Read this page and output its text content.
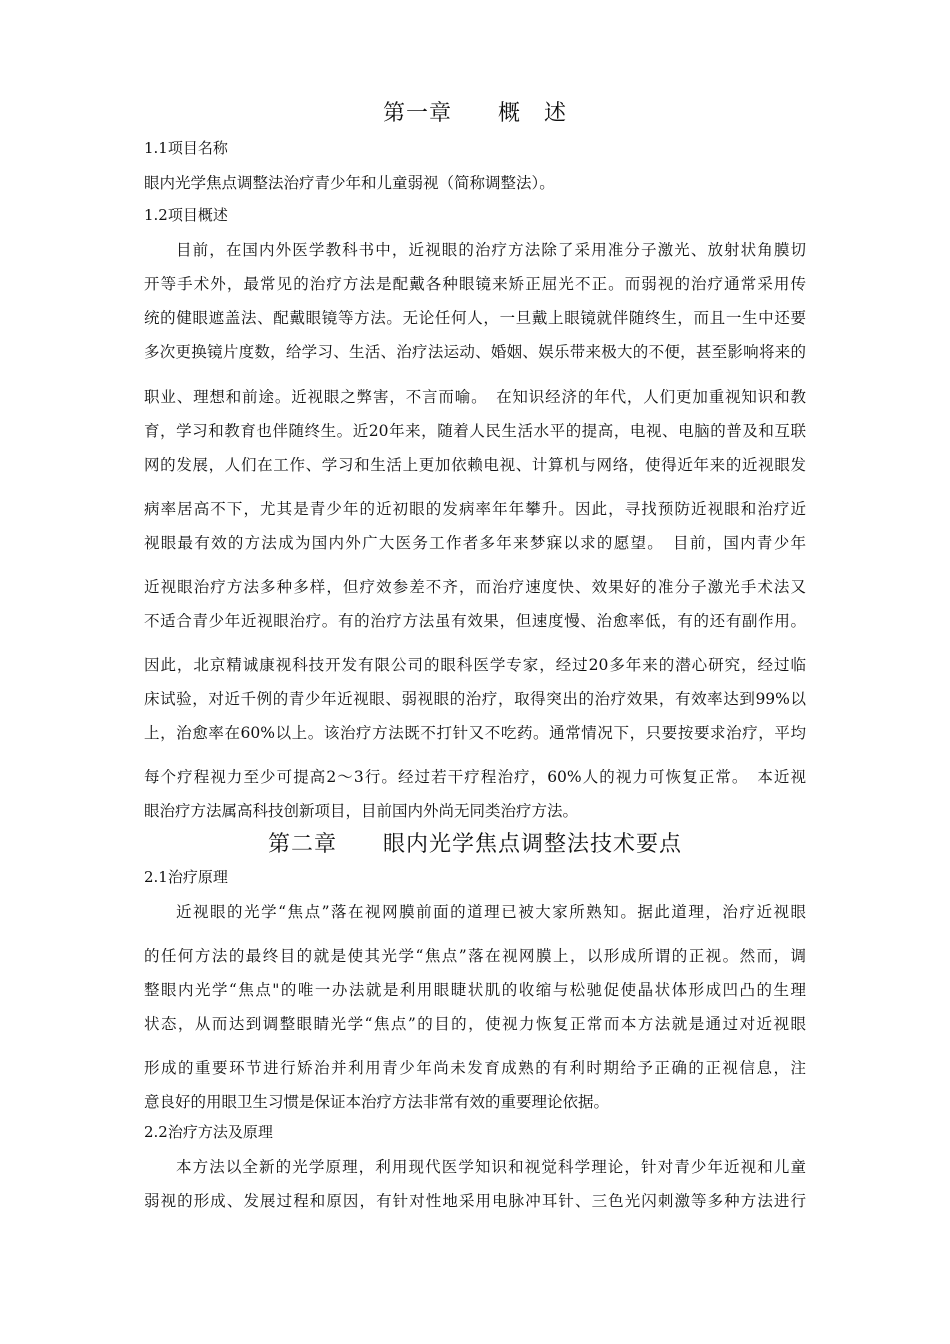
第一章　　概　述
1.1项目名称
眼内光学焦点调整法治疗青少年和儿童弱视（简称调整法）。
1.2项目概述
目前，在国内外医学教科书中，近视眼的治疗方法除了采用准分子激光、放射状角膜切
开等手术外，最常见的治疗方法是配戴各种眼镜来矫正屈光不正。而弱视的治疗通常采用传
统的健眼遮盖法、配戴眼镜等方法。无论任何人，一旦戴上眼镜就伴随终生，而且一生中还要
多次更换镜片度数，给学习、生活、治疗法运动、婚姻、娱乐带来极大的不便，甚至影响将来的
职业、理想和前途。近视眼之弊害，不言而喻。　在知识经济的年代，人们更加重视知识和教
育，学习和教育也伴随终生。近20年来，随着人民生活水平的提高，电视、电脑的普及和互联
网的发展，人们在工作、学习和生活上更加依赖电视、计算机与网络，使得近年来的近视眼发
病率居高不下，尤其是青少年的近初眼的发病率年年攀升。因此，寻找预防近视眼和治疗近
视眼最有效的方法成为国内外广大医务工作者多年来梦寐以求的愿望。　目前，国内青少年
近视眼治疗方法多种多样，但疗效参差不齐，而治疗速度快、效果好的准分子激光手术法又
不适合青少年近视眼治疗。有的治疗方法虽有效果，但速度慢、治愈率低，有的还有副作用。
因此，北京精诚康视科技开发有限公司的眼科医学专家，经过20多年来的潜心研究，经过临
床试验，对近千例的青少年近视眼、弱视眼的治疗，取得突出的治疗效果，有效率达到99%以
上，治愈率在60%以上。该治疗方法既不打针又不吃药。通常情况下，只要按要求治疗，平均
每个疗程视力至少可提高2～3行。经过若干疗程治疗，60%人的视力可恢复正常。　本近视
眼治疗方法属高科技创新项目，目前国内外尚无同类治疗方法。
第二章　　眼内光学焦点调整法技术要点
2.1治疗原理
近视眼的光学“焦点”落在视网膜前面的道理已被大家所熟知。据此道理，治疗近视眼
的任何方法的最终目的就是使其光学“焦点”落在视网膜上，以形成所谓的正视。然而，调
整眼内光学“焦点"的唯一办法就是利用眼睫状肌的收缩与松驰促使晶状体形成凹凸的生理
状态，从而达到调整眼睛光学“焦点”的目的，使视力恢复正常而本方法就是通过对近视眼
形成的重要环节进行矫治并利用青少年尚未发育成熟的有利时期给予正确的正视信息，注
意良好的用眼卫生习惯是保证本治疗方法非常有效的重要理论依据。
2.2治疗方法及原理
本方法以全新的光学原理，利用现代医学知识和视觉科学理论，针对青少年近视和儿童
弱视的形成、发展过程和原因，有针对性地采用电脉冲耳针、三色光闪刺激等多种方法进行
